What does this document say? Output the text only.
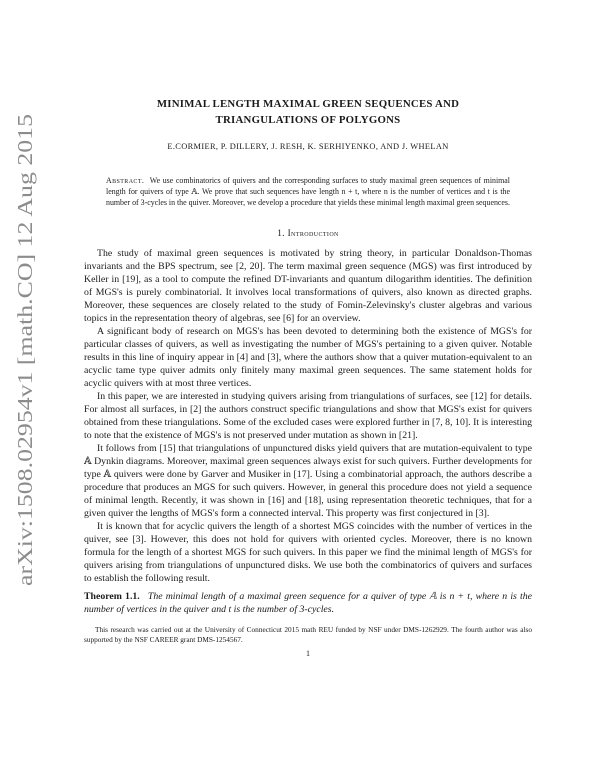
arXiv:1508.02954v1 [math.CO] 12 Aug 2015
MINIMAL LENGTH MAXIMAL GREEN SEQUENCES AND
TRIANGULATIONS OF POLYGONS
E.CORMIER, P. DILLERY, J. RESH, K. SERHIYENKO, AND J. WHELAN
Abstract. We use combinatorics of quivers and the corresponding surfaces to study maximal green sequences of minimal length for quivers of type 𝔸. We prove that such sequences have length n + t, where n is the number of vertices and t is the number of 3-cycles in the quiver. Moreover, we develop a procedure that yields these minimal length maximal green sequences.
1. Introduction

The study of maximal green sequences is motivated by string theory, in particular Donaldson-Thomas invariants and the BPS spectrum, see [2, 20]. The term maximal green sequence (MGS) was first introduced by Keller in [19], as a tool to compute the refined DT-invariants and quantum dilogarithm identities. The definition of MGS's is purely combinatorial. It involves local transformations of quivers, also known as directed graphs. Moreover, these sequences are closely related to the study of Fomin-Zelevinsky's cluster algebras and various topics in the representation theory of algebras, see [6] for an overview.

A significant body of research on MGS's has been devoted to determining both the existence of MGS's for particular classes of quivers, as well as investigating the number of MGS's pertaining to a given quiver. Notable results in this line of inquiry appear in [4] and [3], where the authors show that a quiver mutation-equivalent to an acyclic tame type quiver admits only finitely many maximal green sequences. The same statement holds for acyclic quivers with at most three vertices.

In this paper, we are interested in studying quivers arising from triangulations of surfaces, see [12] for details. For almost all surfaces, in [2] the authors construct specific triangulations and show that MGS's exist for quivers obtained from these triangulations. Some of the excluded cases were explored further in [7, 8, 10]. It is interesting to note that the existence of MGS's is not preserved under mutation as shown in [21].

It follows from [15] that triangulations of unpunctured disks yield quivers that are mutation-equivalent to type 𝔸 Dynkin diagrams. Moreover, maximal green sequences always exist for such quivers. Further developments for type 𝔸 quivers were done by Garver and Musiker in [17]. Using a combinatorial approach, the authors describe a procedure that produces an MGS for such quivers. However, in general this procedure does not yield a sequence of minimal length. Recently, it was shown in [16] and [18], using representation theoretic techniques, that for a given quiver the lengths of MGS's form a connected interval. This property was first conjectured in [3].

It is known that for acyclic quivers the length of a shortest MGS coincides with the number of vertices in the quiver, see [3]. However, this does not hold for quivers with oriented cycles. Moreover, there is no known formula for the length of a shortest MGS for such quivers. In this paper we find the minimal length of MGS's for quivers arising from triangulations of unpunctured disks. We use both the combinatorics of quivers and surfaces to establish the following result.

Theorem 1.1. The minimal length of a maximal green sequence for a quiver of type 𝔸 is n + t, where n is the number of vertices in the quiver and t is the number of 3-cycles.
This research was carried out at the University of Connecticut 2015 math REU funded by NSF under DMS-1262929. The fourth author was also supported by the NSF CAREER grant DMS-1254567.
1
